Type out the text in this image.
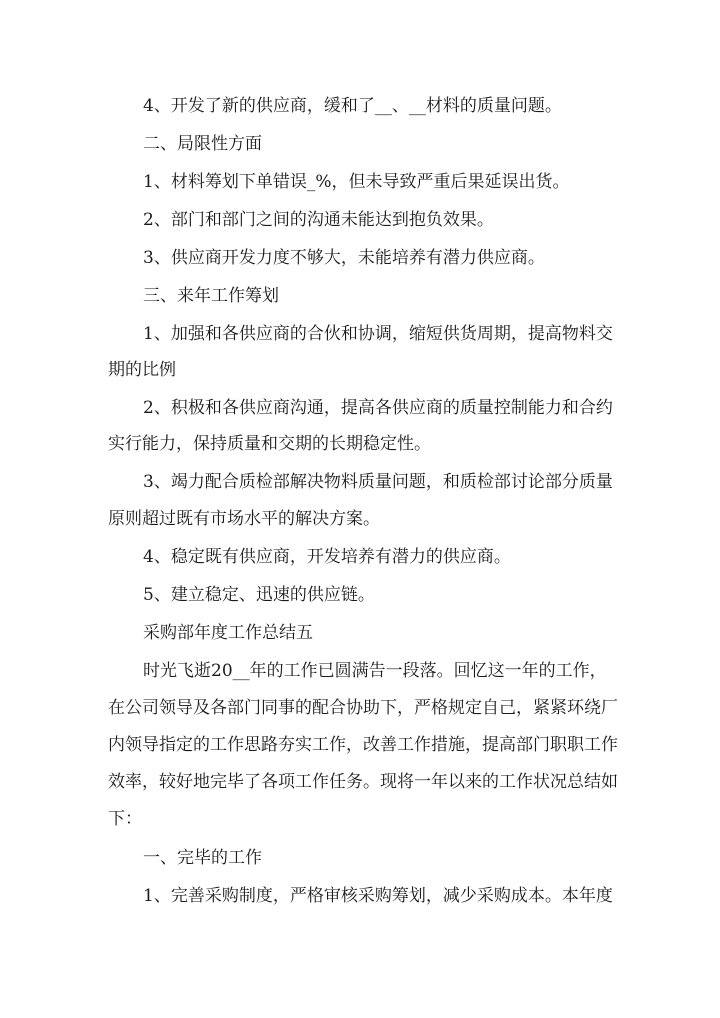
4、开发了新的供应商，缓和了__、__材料的质量问题。
二、局限性方面
1、材料筹划下单错误_%，但未导致严重后果延误出货。
2、部门和部门之间的沟通未能达到抱负效果。
3、供应商开发力度不够大，未能培养有潜力供应商。
三、来年工作筹划
1、加强和各供应商的合伙和协调，缩短供货周期，提高物料交
期的比例
2、积极和各供应商沟通，提高各供应商的质量控制能力和合约
实行能力，保持质量和交期的长期稳定性。
3、竭力配合质检部解决物料质量问题，和质检部讨论部分质量
原则超过既有市场水平的解决方案。
4、稳定既有供应商，开发培养有潜力的供应商。
5、建立稳定、迅速的供应链。
采购部年度工作总结五
时光飞逝20__年的工作已圆满告一段落。回忆这一年的工作，
在公司领导及各部门同事的配合协助下，严格规定自己，紧紧环绕厂
内领导指定的工作思路夯实工作，改善工作措施，提高部门职职工作
效率，较好地完毕了各项工作任务。现将一年以来的工作状况总结如
下：
一、完毕的工作
1、完善采购制度，严格审核采购筹划，减少采购成本。本年度
